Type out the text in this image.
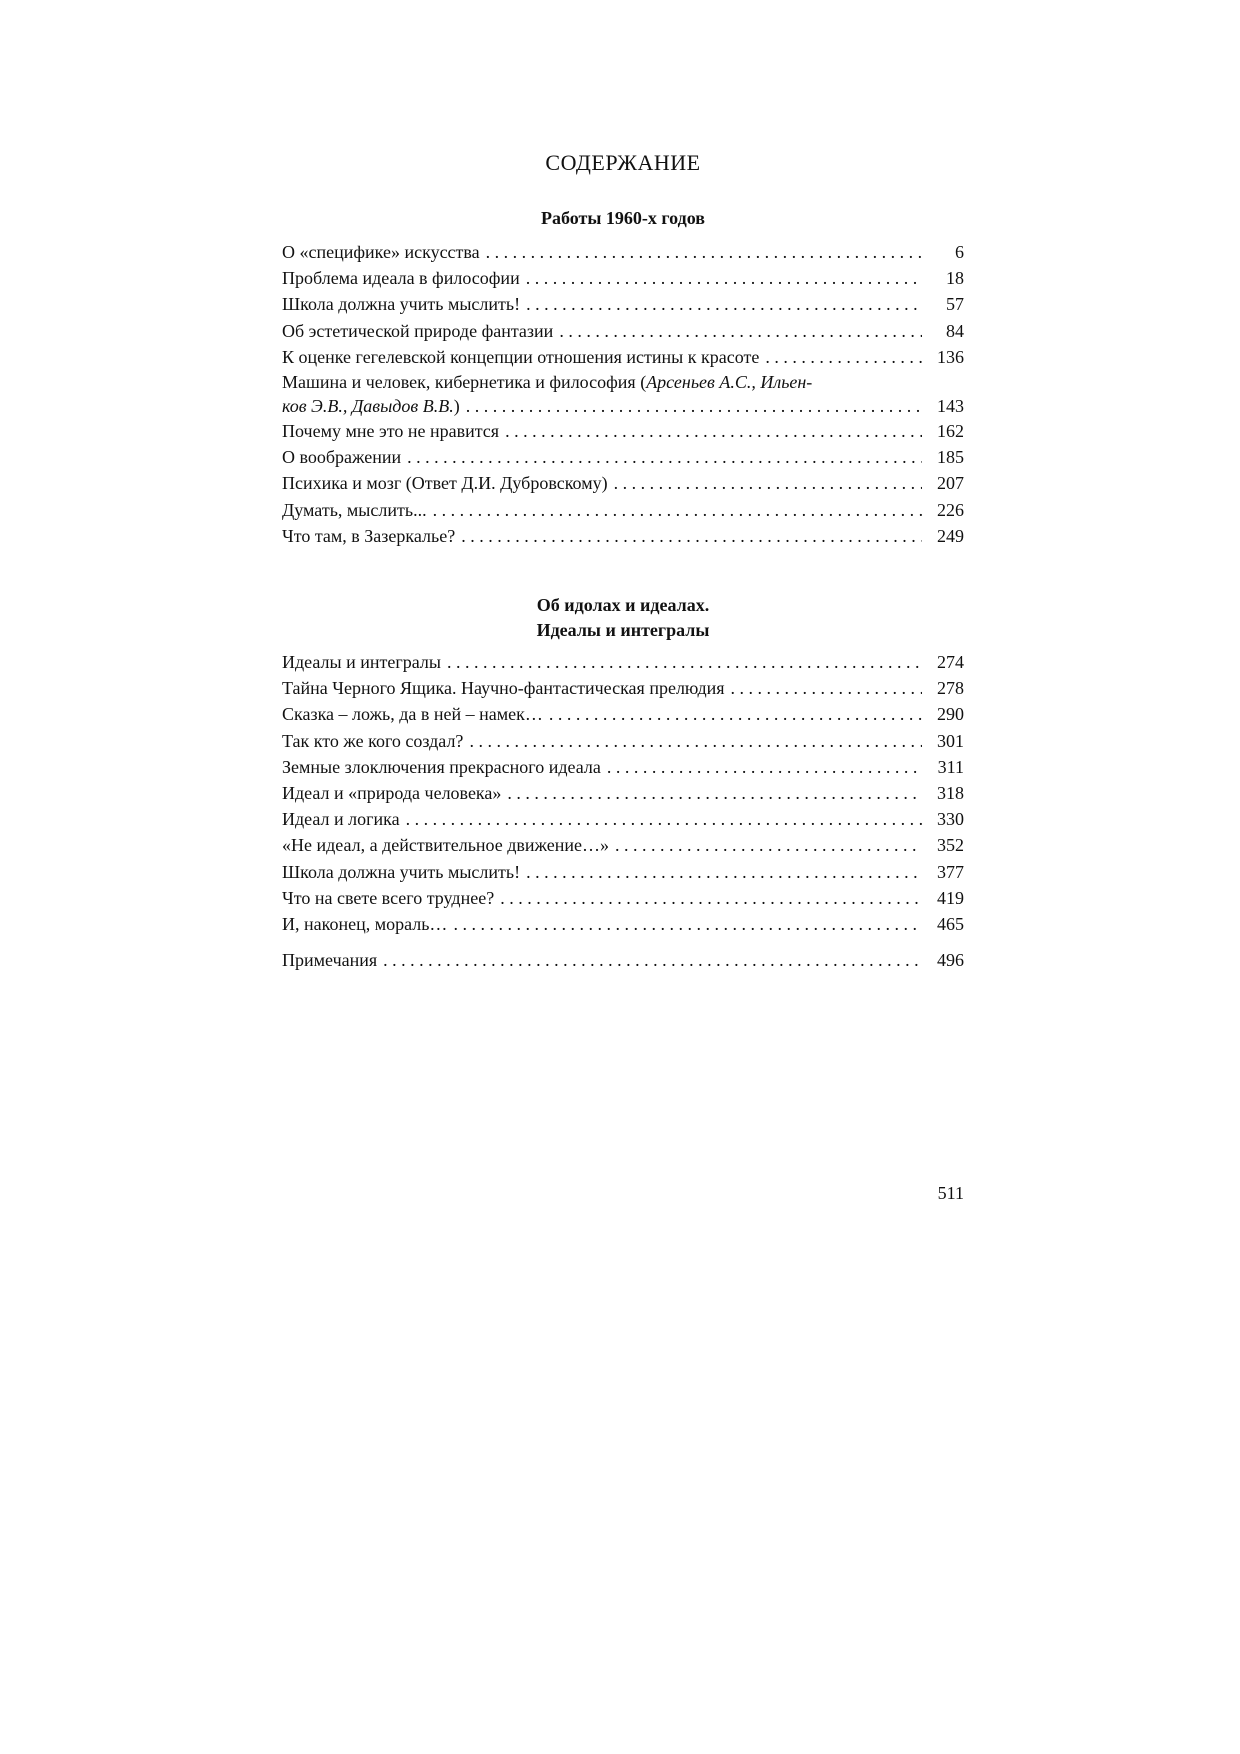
СОДЕРЖАНИЕ
Работы 1960-х годов
О «специфике» искусства . . .	6
Проблема идеала в философии . . .	18
Школа должна учить мыслить! . . .	57
Об эстетической природе фантазии . . .	84
К оценке гегелевской концепции отношения истины к красоте . . .	136
Машина и человек, кибернетика и философия (Арсеньев А.С., Ильен-
ков Э.В., Давыдов В.В.) . . .	143
Почему мне это не нравится . . .	162
О воображении . . .	185
Психика и мозг (Ответ Д.И. Дубровскому) . . .	207
Думать, мыслить... . . .	226
Что там, в Зазеркалье? . . .	249
Об идолах и идеалах.
Идеалы и интегралы
Идеалы и интегралы . . .	274
Тайна Черного Ящика. Научно-фантастическая прелюдия . . .	278
Сказка – ложь, да в ней – намек… . . .	290
Так кто же кого создал? . . .	301
Земные злоключения прекрасного идеала . . .	311
Идеал и «природа человека» . . .	318
Идеал и логика . . .	330
«Не идеал, а действительное движение…» . . .	352
Школа должна учить мыслить! . . .	377
Что на свете всего труднее? . . .	419
И, наконец, мораль… . . .	465
Примечания . . .	496
511
